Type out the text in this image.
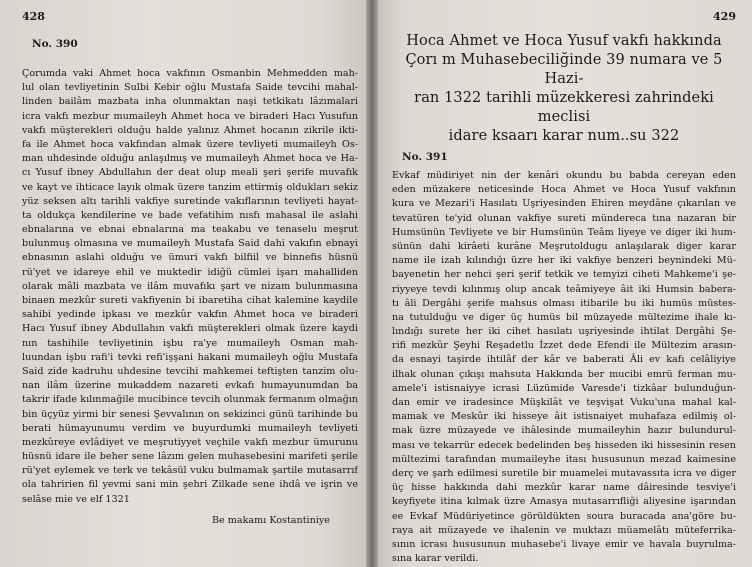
428
No. 390
Çorumda vaki Ahmet hoca vakfının Osmanbin Mehmedden mah-
lul olan tevliyetinin Sulbi Kebir oğlu Mustafa Saide tevcihi mahal-
linden bailâm mazbata inha olunmaktan naşi tetkikatı lâzımalari
icra vakfı mezbur mumaileyh Ahmet hoca ve biraderi Hacı Yusufun
vakfı müşterekleri olduğu halde yalınız Ahmet hocanın zikrile ikti-
fa ile Ahmet hoca vakfından almak üzere tevliyeti mumaileyh Os-
man uhdesinde olduğu anlaşılmış ve mumaileyh Ahmet hoca ve Ha-
cı Yusuf ibney Abdullahın der deat olup meali şeri şerife muvafık
ve kayt ve ihticace layık olmak üzere tanzim ettirmiş oldukları sekiz
yüz seksen altı tarihli vakfiye suretinde vakıflarının tevliyeti hayat-
ta oldukça kendilerine ve bade vefatihim nısfı mahasal ile aslahi
ebnalarına ve ebnai ebnalarına ma teakabu ve tenaselu meşrut
bulunmuş olmasına ve mumaileyh Mustafa Said dahi vakıfın ebnayi
ebnasının aslahi olduğu ve ümuri vakfı bilfiil ve binnefis hüsnü
rü'yet ve idareye ehil ve muktedir idiğü cümlei işarı mahalliden
olarak mâli mazbata ve ilâm muvafıkı şart ve nizam bulunmasına
binaen mezkûr sureti vakfiyenin bi ibaretiha cihat kalemine kaydile
sahibi yedinde ipkası ve mezkûr vakfın Ahmet hoca ve biraderi
Hacı Yusuf ibney Abdullahın vakfı müşterekleri olmak üzere kaydi
nın tashihile tevliyetinin işbu ra'ye mumaileyh Osman mah-
luundan işbu rafi'i tevki refi'işşani hakani mumaileyh oğlu Mustafa
Said zide kadruhu uhdesine tevcihi mahkemei teftişten tanzim olu-
nan ilâm üzerine mukaddem nazareti evkafı humayunumdan ba
takrir ifade kılınmağile mucibince tevcih olunmak fermanım olmağın
bin üçyüz yirmi bir senesi Şevvalının on sekizinci günü tarihinde bu
berati hümayunumu verdim ve buyurdumki mumaileyh tevliyeti
mezkûreye evlâdiyet ve meşrutiyyet veçhile vakfı mezbur ümurunu
hüsnü idare ile beher sene lâzım gelen muhasebesini marifeti şerile
rü'yet eylemek ve terk ve tekâsül vuku bulmamak şartile mutasarrıf
ola tahririen fil yevmi sani min şehri Zilkade sene ihdâ ve işrin ve
selâse mie ve elf 1321
Be makamı Kostantiniye
429
Hoca Ahmet ve Hoca Yusuf vakfı hakkında
Çorı m Muhasebeciliğinde 39 numara ve 5 Hazi-
ran 1322 tarihli müzekkeresi zahrindeki meclisi
idare ksaarı karar num..su 322
No. 391
Evkaf müdiriyet nin der kenâri okundu bu babda cereyan eden
eden müzakere neticesinde Hoca Ahmet ve Hoca Yusuf vakfının
kura ve Mezari'i Hasılatı Uşriyesinden Ehiren meydâne çıkarılan ve
tevatüren te'yid olunan vakfiye sureti mündereca tına nazaran bir
Humsünün Tevliyete ve bir Humsünün Teâm liyeye ve diger iki hum-
sünün dahi kirâeti kurâne Meşrutoldugu anlaşılarak diger karar
name ile izah kılındığı üzre her iki vakfiye benzeri beynindeki Mü-
bayenetin her nehci şeri şerif tetkik ve temyizi ciheti Mahkeme'i şe-
riyyeye tevdi kılınmış olup ancak teâmiyeye âit iki Humsin babera-
tı âli Dergâhi şerife mahsus olması itibarile bu iki humüs müstes-
na tutulduğu ve diger üç humüs bil müzayede mültezime ihale kı-
lındığı surete her iki cihet hasılatı uşriyesinde ihtilat Dergâhi Şe-
rifi mezkûr Şeyhi Reşadetlu İzzet dede Efendi ile Mültezim arasın-
da esnayi taşirde ihtilâf der kâr ve baberati Âli ev kafı celâliyiye
ilhak olunan çıkışı mahsuta Hakkında ber mucibi emrü ferman mu-
amele'i istisnaiyye icrasi Lüzümide Varesde'i tizkâar bulunduğun-
dan emir ve iradesince Müşkilât ve teşvişat Vuku'una mahal kal-
mamak ve Meskûr iki hisseye âit istisnaiyet muhafaza edilmiş ol-
mak üzre müzayede ve ihâlesinde mumaileyhin hazır bulundurul-
ması ve tekarrür edecek bedelinden beş hisseden iki hissesinin resen
mültezimi tarafından mumaileyhe itası hususunun mezad kaimesine
derç ve şarh edilmesi suretile bir muamelei mutavassıta icra ve diger
üç hisse hakkında dahi mezkûr karar name dâiresinde tesviye'i
keyfiyete itina kılmak üzre Amasya mutasarrıfliği aliyesine işarından
ee Evkaf Müdüriyetince görüldükten soura buracada ana'göre bu-
raya ait müzayede ve ihalenin ve muktazı müamelâtı müteferrika-
sının icrası hususunun muhasebe'i livaye emir ve havala buyrulma-
sına karar verildi.
